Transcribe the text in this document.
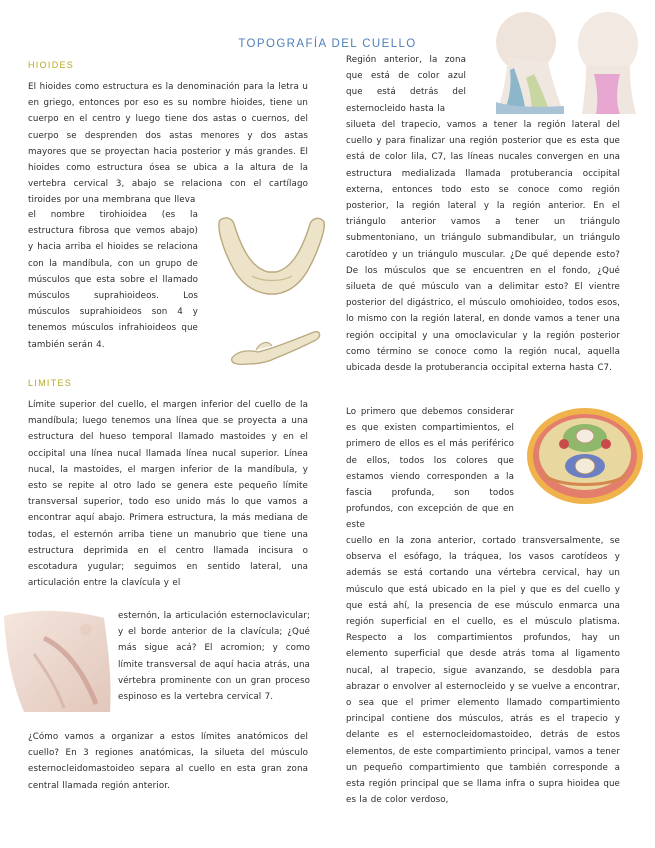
TOPOGRAFÍA DEL CUELLO
HIOIDES
El hioides como estructura es la denominación para la letra u en griego, entonces por eso es su nombre hioides, tiene un cuerpo en el centro y luego tiene dos astas o cuernos, del cuerpo se desprenden dos astas menores y dos astas mayores que se proyectan hacia posterior y más grandes. El hioides como estructura ósea se ubica a la altura de la vertebra cervical 3, abajo se relaciona con el cartílago tiroides por una membrana que lleva
el nombre tirohioidea (es la estructura fibrosa que vemos abajo) y hacia arriba el hioides se relaciona con la mandíbula, con un grupo de músculos que esta sobre el llamado músculos suprahioideos. Los músculos suprahioideos son 4 y tenemos músculos infrahioideos que también serán 4.
LIMITES
Límite superior del cuello, el margen inferior del cuello de la mandíbula; luego tenemos una línea que se proyecta a una estructura del hueso temporal llamado mastoides y en el occipital una línea nucal llamada línea nucal superior. Línea nucal, la mastoides, el margen inferior de la mandíbula, y esto se repite al otro lado se genera este pequeño límite transversal superior, todo eso unido más lo que vamos a encontrar aquí abajo. Primera estructura, la más mediana de todas, el esternón arriba tiene un manubrio que tiene una estructura deprimida en el centro llamada incisura o escotadura yugular; seguimos en sentido lateral, una articulación entre la clavícula y el
esternón, la articulación esternoclavicular; y el borde anterior de la clavícula; ¿Qué más sigue acá? El acromion; y como límite transversal de aquí hacia atrás, una vértebra prominente con un gran proceso espinoso es la vertebra cervical 7.
¿Cómo vamos a organizar a estos límites anatómicos del cuello? En 3 regiones anatómicas, la silueta del músculo esternocleidomastoideo separa al cuello en esta gran zona central llamada región anterior.
Región anterior, la zona que está de color azul que está detrás del esternocleido hasta la
silueta del trapecio, vamos a tener la región lateral del cuello y para finalizar una región posterior que es esta que está de color lila, C7, las líneas nucales convergen en una estructura medializada llamada protuberancia occipital externa, entonces todo esto se conoce como región posterior, la región lateral y la región anterior. En el triángulo anterior vamos a tener un triángulo submentoniano, un triángulo submandibular, un triángulo carotídeo y un triángulo muscular. ¿De qué depende esto? De los músculos que se encuentren en el fondo, ¿Qué silueta de qué músculo van a delimitar esto? El vientre posterior del digástrico, el músculo omohioideo, todos esos, lo mismo con la región lateral, en donde vamos a tener una región occipital y una omoclavicular y la región posterior como término se conoce como la región nucal, aquella ubicada desde la protuberancia occipital externa hasta C7.
Lo primero que debemos considerar es que existen compartimientos, el primero de ellos es el más periférico de ellos, todos los colores que estamos viendo corresponden a la fascia profunda, son todos profundos, con excepción de que en este
cuello en la zona anterior, cortado transversalmente, se observa el esófago, la tráquea, los vasos carotídeos y además se está cortando una vértebra cervical, hay un músculo que está ubicado en la piel y que es del cuello y que está ahí, la presencia de ese músculo enmarca una región superficial en el cuello, es el músculo platisma. Respecto a los compartimientos profundos, hay un elemento superficial que desde atrás toma al ligamento nucal, al trapecio, sigue avanzando, se desdobla para abrazar o envolver al esternocleido y se vuelve a encontrar, o sea que el primer elemento llamado compartimiento principal contiene dos músculos, atrás es el trapecio y delante es el esternocleidomastoideo, detrás de estos elementos, de este compartimiento principal, vamos a tener un pequeño compartimiento que también corresponde a esta región principal que se llama infra o supra hioidea que es la de color verdoso,
